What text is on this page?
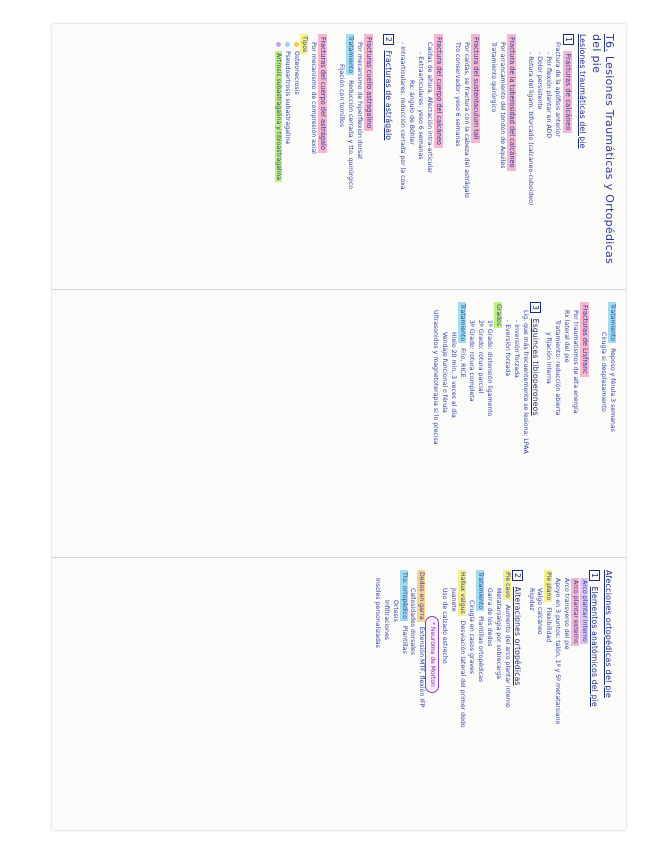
T6. Lesiones Traumáticas y Ortopédicas del pie
Lesiones traumáticas del pie
1 Fracturas de calcáneo
Fractura de la apófisis anterior
- Por flexión plantar en ADD
- Dolor persistente
- Rotura del ligam. bifurcado (calcaneo-cuboideo)
Fractura de la tuberosidad del calcáneo
Por arrancamiento del tendón de Aquiles
Tratamiento quirúrgico
Fractura del sustentaculum tali
Por caídas, se fractura con la cabeza del astrágalo
Tto conservador: yeso 6 semanas
Fractura del cuerpo del calcáneo
Caídas de altura. Afectación intra-articular
- Extraarticulares: yeso 6 semanas
Rx: ángulo de Böhler
- Intraarticulares: reducción cerrada por la coxa
2 Fracturas de astrágalo
Fracturas cuello astragalino
Por mecanismo de hiperflexión dorsal
Tratamiento Reducción cerrada y tto. quirúrgico
Fijación con tornillos
Fracturas del cuerpo del astrágalo
Por mecanismo de compresión axial
Tipos
Osteonecrosis
Pseudoartrosis subastragalina
Artrosis subastragalina y tibioastragalina
Tratamiento Reposo y férula 3 semanas
Cirugía si desplazamiento
Fracturas de Lisfranc
Por traumatismos de alta energía
Rx lateral del pie
Tratamiento: reducción abierta
y fijación interna
3 Esguinces tibioperoneos
Lig. que más frecuentemente se lesiona: LPAA
- Inversión forzada
- Eversión forzada
Grados
1º Grado: distensión ligamento
2º Grado: rotura parcial
3º Grado: rotura completa
Tratamiento Frío, RICE
Hielo 20 min, 3 veces al día
Vendaje funcional o férula
Ultrasonidos y magnetoterapia si lo precisa
Afecciones ortopédicas del pie
1 Elementos anatómicos del pie
Arco plantar interno
Arco plantar externo
Arco transverso del pie
Apoyo en 3 puntos: talón, 1º y 5º metatarsiano
Pie plano Flexibilidad
Valgo calcáneo
Rigidez
2 Alteraciones ortopédicas
Pie cavo Aumento del arco plantar interno
Metatarsalgia por sobrecarga
Garra de los dedos
Tratamiento Plantillas ortopédicas
Cirugía en casos graves
Hallux valgus Desviación lateral del primer dedo
Juanete
Uso de calzado estrecho
* Neuroma de Morton
Dedos en garra Extensión MTF, flexión IFP
Callosidades dorsales
Tto. ortopédico Plantillas
Ortesis
Infiltraciones
Insoles personalizadas
